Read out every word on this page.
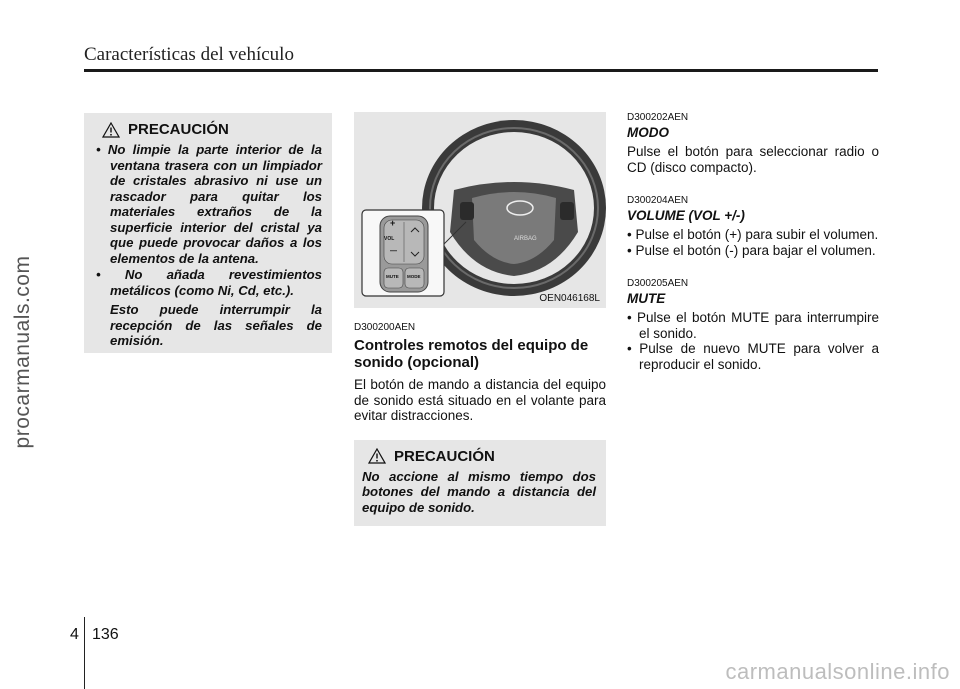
Características del vehículo
procarmanuals.com
PRECAUCIÓN
• No limpie la parte interior de la ventana trasera con un limpiador de cristales abrasivo ni use un rascador para quitar los materiales extraños de la superficie interior del cristal ya que puede provocar daños a los elementos de la antena.
• No añada revestimientos metálicos (como Ni, Cd, etc.).

Esto puede interrumpir la recepción de las señales de emisión.

AIRBAG
+
VOL
—
MUTE MODE
OEN046168L

D300200AEN

Controles remotos del equipo de sonido (opcional)

El botón de mando a distancia del equipo de sonido está situado en el volante para evitar distracciones.

PRECAUCIÓN

No accione al mismo tiempo dos botones del mando a distancia del equipo de sonido.

D300202AEN

MODO

Pulse el botón para seleccionar radio o CD (disco compacto).

D300204AEN

VOLUME (VOL +/-)
• Pulse el botón (+) para subir el volumen.
• Pulse el botón (-) para bajar el volumen.

D300205AEN

MUTE
• Pulse el botón MUTE para interrumpire el sonido.
• Pulse de nuevo MUTE para volver a reproducir el sonido.
4 136
carmanualsonline.info
